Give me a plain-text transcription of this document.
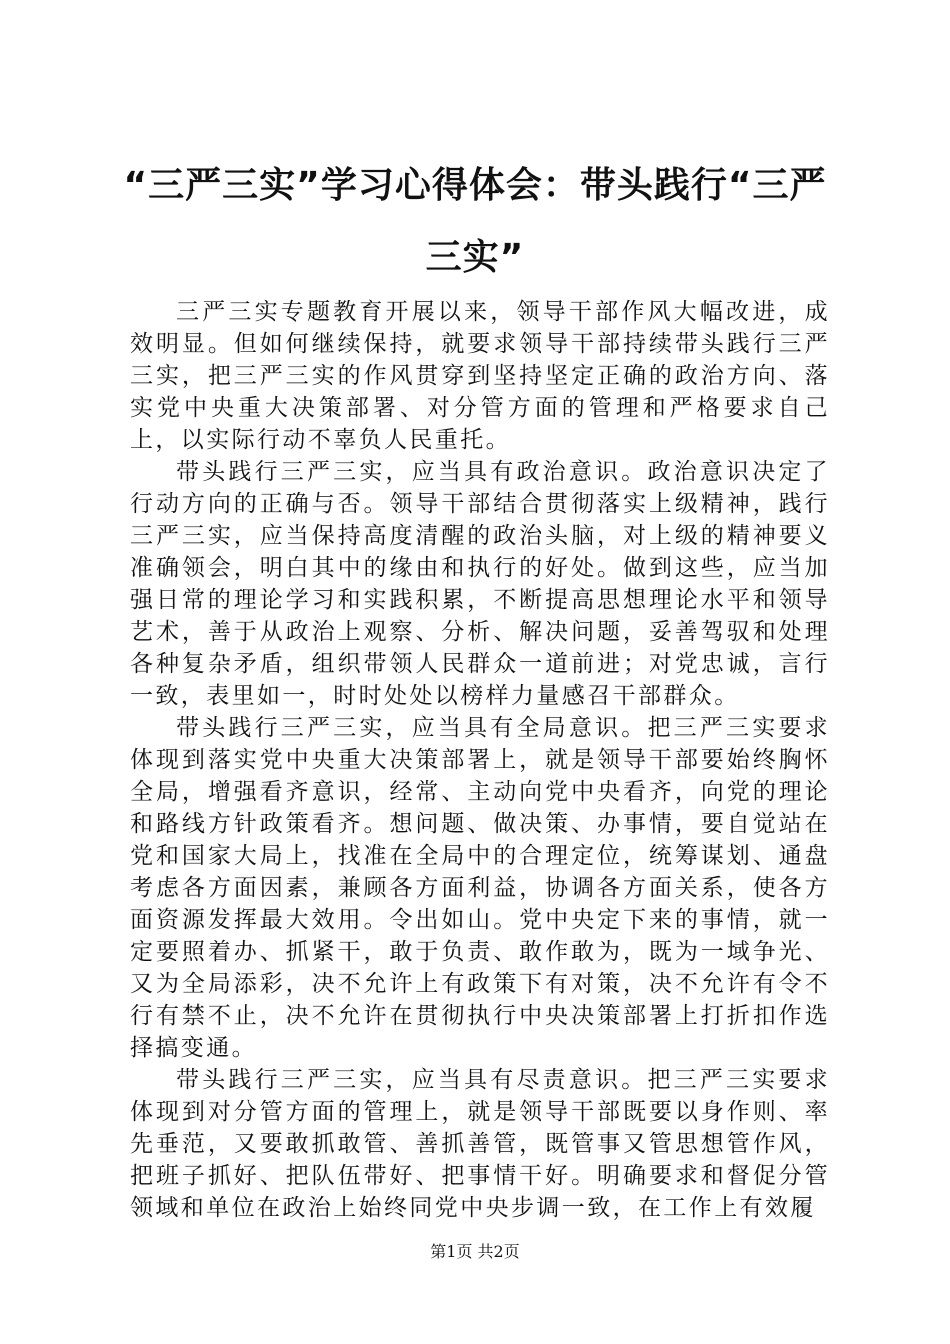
“三严三实”学习心得体会：带头践行“三严三实”

三严三实专题教育开展以来，领导干部作风大幅改进，成效明显。但如何继续保持，就要求领导干部持续带头践行三严三实，把三严三实的作风贯穿到坚持坚定正确的政治方向、落实党中央重大决策部署、对分管方面的管理和严格要求自己上，以实际行动不辜负人民重托。

带头践行三严三实，应当具有政治意识。政治意识决定了行动方向的正确与否。领导干部结合贯彻落实上级精神，践行三严三实，应当保持高度清醒的政治头脑，对上级的精神要义准确领会，明白其中的缘由和执行的好处。做到这些，应当加强日常的理论学习和实践积累，不断提高思想理论水平和领导艺术，善于从政治上观察、分析、解决问题，妥善驾驭和处理各种复杂矛盾，组织带领人民群众一道前进；对党忠诚，言行一致，表里如一，时时处处以榜样力量感召干部群众。

带头践行三严三实，应当具有全局意识。把三严三实要求体现到落实党中央重大决策部署上，就是领导干部要始终胸怀全局，增强看齐意识，经常、主动向党中央看齐，向党的理论和路线方针政策看齐。想问题、做决策、办事情，要自觉站在党和国家大局上，找准在全局中的合理定位，统筹谋划、通盘考虑各方面因素，兼顾各方面利益，协调各方面关系，使各方面资源发挥最大效用。令出如山。党中央定下来的事情，就一定要照着办、抓紧干，敢于负责、敢作敢为，既为一域争光、又为全局添彩，决不允许上有政策下有对策，决不允许有令不行有禁不止，决不允许在贯彻执行中央决策部署上打折扣作选择搞变通。

带头践行三严三实，应当具有尽责意识。把三严三实要求体现到对分管方面的管理上，就是领导干部既要以身作则、率先垂范，又要敢抓敢管、善抓善管，既管事又管思想管作风，把班子抓好、把队伍带好、把事情干好。明确要求和督促分管领域和单位在政治上始终同党中央步调一致，在工作上有效履

第1页 共2页
